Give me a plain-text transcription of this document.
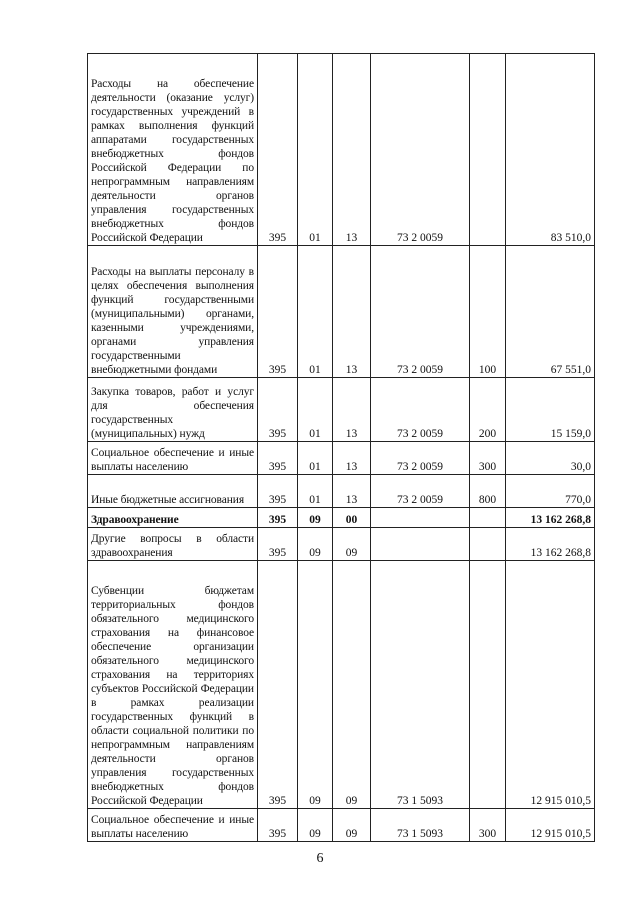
Расходы на обеспечение деятельности (оказание услуг) государственных учреждений в рамках выполнения функций аппаратами государственных внебюджетных фондов Российской Федерации по непрограммным направлениям деятельности органов управления государственных внебюджетных фондов Российской Федерации	395	01	13	73 2 0059		83 510,0
Расходы на выплаты персоналу в целях обеспечения выполнения функций государственными (муниципальными) органами, казенными учреждениями, органами управления государственными внебюджетными фондами	395	01	13	73 2 0059	100	67 551,0
Закупка товаров, работ и услуг для обеспечения государственных (муниципальных) нужд	395	01	13	73 2 0059	200	15 159,0
Социальное обеспечение и иные выплаты населению	395	01	13	73 2 0059	300	30,0
Иные бюджетные ассигнования	395	01	13	73 2 0059	800	770,0
Здравоохранение	395	09	00			13 162 268,8
Другие вопросы в области здравоохранения	395	09	09			13 162 268,8
Субвенции бюджетам территориальных фондов обязательного медицинского страхования на финансовое обеспечение организации обязательного медицинского страхования на территориях субъектов Российской Федерации в рамках реализации государственных функций в области социальной политики по непрограммным направлениям деятельности органов управления государственных внебюджетных фондов Российской Федерации	395	09	09	73 1 5093		12 915 010,5
Социальное обеспечение и иные выплаты населению	395	09	09	73 1 5093	300	12 915 010,5
6
